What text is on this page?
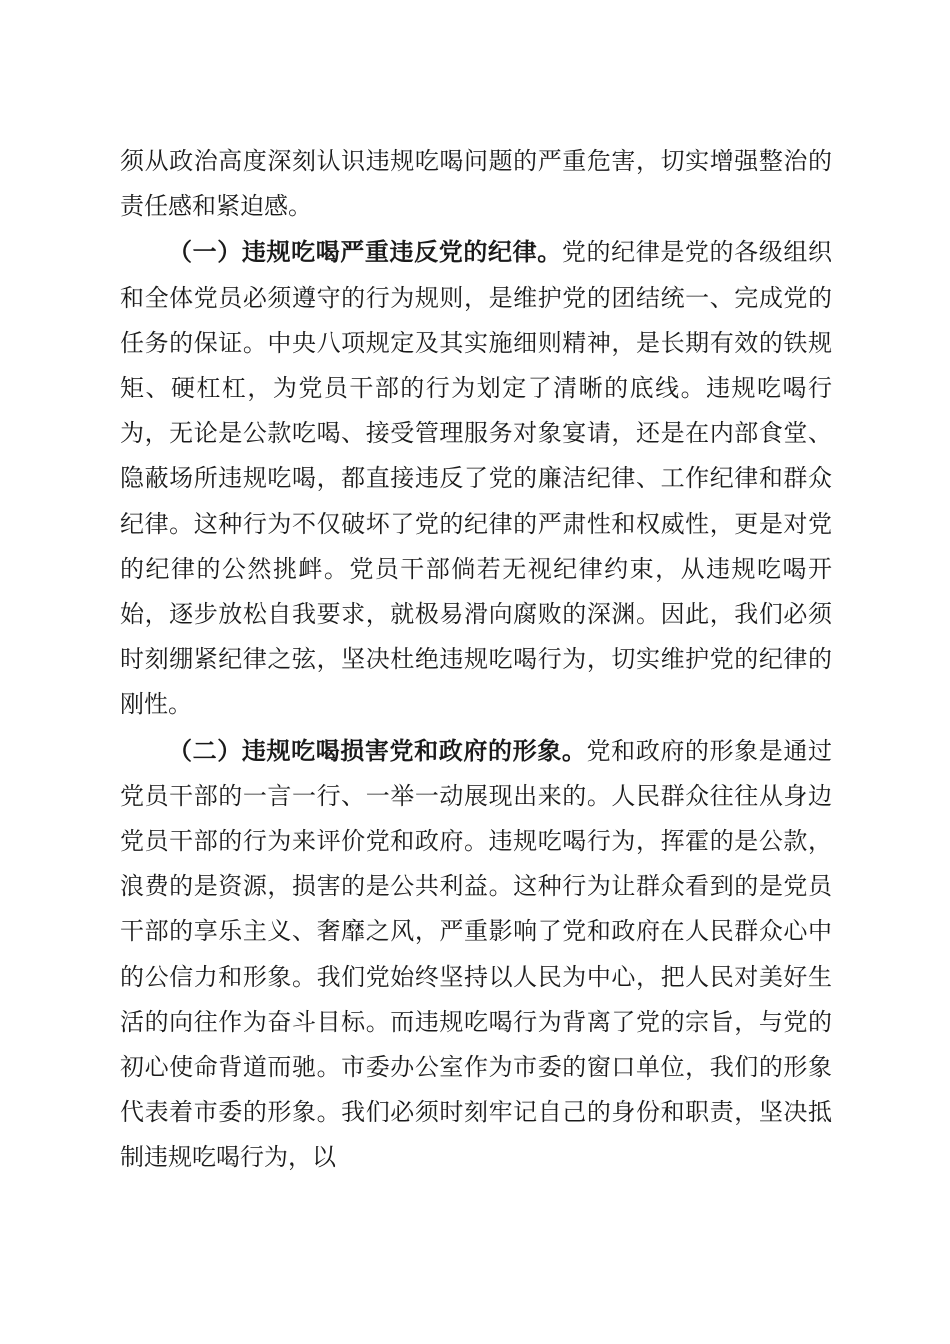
须从政治高度深刻认识违规吃喝问题的严重危害，切实增强整治的责任感和紧迫感。

（一）违规吃喝严重违反党的纪律。党的纪律是党的各级组织和全体党员必须遵守的行为规则，是维护党的团结统一、完成党的任务的保证。中央八项规定及其实施细则精神，是长期有效的铁规矩、硬杠杠，为党员干部的行为划定了清晰的底线。违规吃喝行为，无论是公款吃喝、接受管理服务对象宴请，还是在内部食堂、隐蔽场所违规吃喝，都直接违反了党的廉洁纪律、工作纪律和群众纪律。这种行为不仅破坏了党的纪律的严肃性和权威性，更是对党的纪律的公然挑衅。党员干部倘若无视纪律约束，从违规吃喝开始，逐步放松自我要求，就极易滑向腐败的深渊。因此，我们必须时刻绷紧纪律之弦，坚决杜绝违规吃喝行为，切实维护党的纪律的刚性。

（二）违规吃喝损害党和政府的形象。党和政府的形象是通过党员干部的一言一行、一举一动展现出来的。人民群众往往从身边党员干部的行为来评价党和政府。违规吃喝行为，挥霍的是公款，浪费的是资源，损害的是公共利益。这种行为让群众看到的是党员干部的享乐主义、奢靡之风，严重影响了党和政府在人民群众心中的公信力和形象。我们党始终坚持以人民为中心，把人民对美好生活的向往作为奋斗目标。而违规吃喝行为背离了党的宗旨，与党的初心使命背道而驰。市委办公室作为市委的窗口单位，我们的形象代表着市委的形象。我们必须时刻牢记自己的身份和职责，坚决抵制违规吃喝行为，以
